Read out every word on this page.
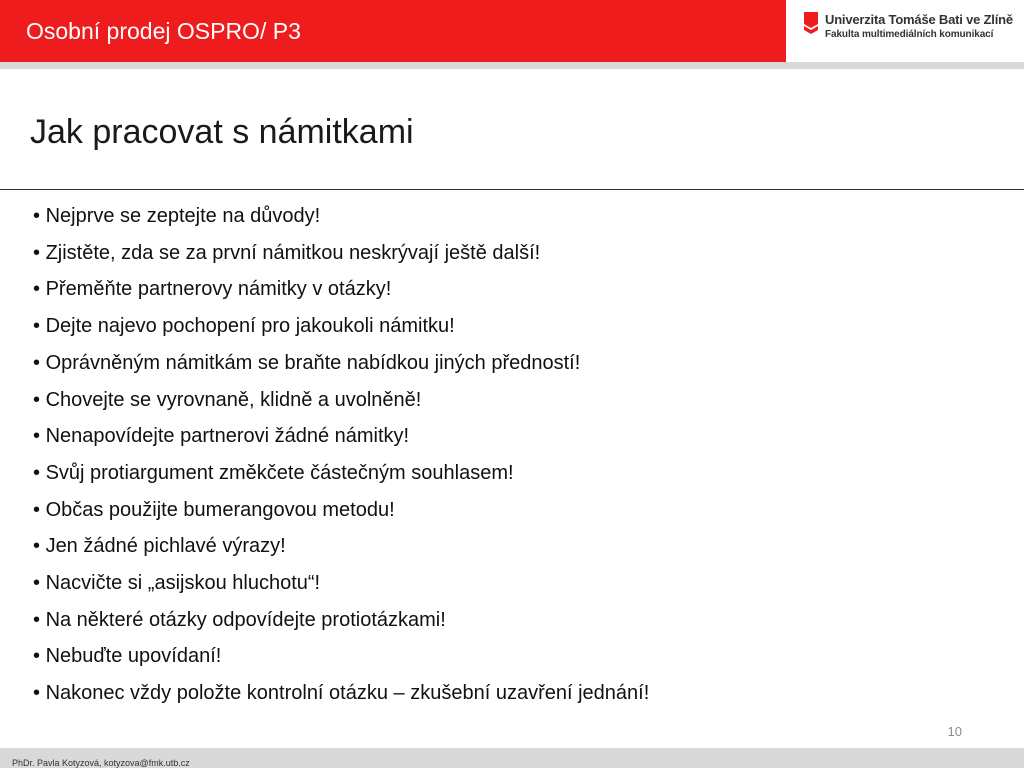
Osobní prodej OSPRO/ P3	Univerzita Tomáše Bati ve Zlíně
Fakulta multimediálních komunikací
Jak pracovat s námitkami
• Nejprve se zeptejte na důvody!
• Zjistěte, zda se za první námitkou neskrývají ještě další!
• Přeměňte partnerovy námitky v otázky!
• Dejte najevo pochopení pro jakoukoli námitku!
• Oprávněným námitkám se braňte nabídkou jiných předností!
• Chovejte se vyrovnaně, klidně a uvolněně!
• Nenapovídejte partnerovi žádné námitky!
• Svůj protiargument změkčete částečným souhlasem!
• Občas použijte bumerangovou metodu!
• Jen žádné pichlavé výrazy!
• Nacvičte si „asijskou hluchotu“!
• Na některé otázky odpovídejte protiotázkami!
• Nebuďte upovídaní!
• Nakonec vždy položte kontrolní otázku – zkušební uzavření jednání!
10
PhDr. Pavla Kotyzová, kotyzova@fmk.utb.cz
